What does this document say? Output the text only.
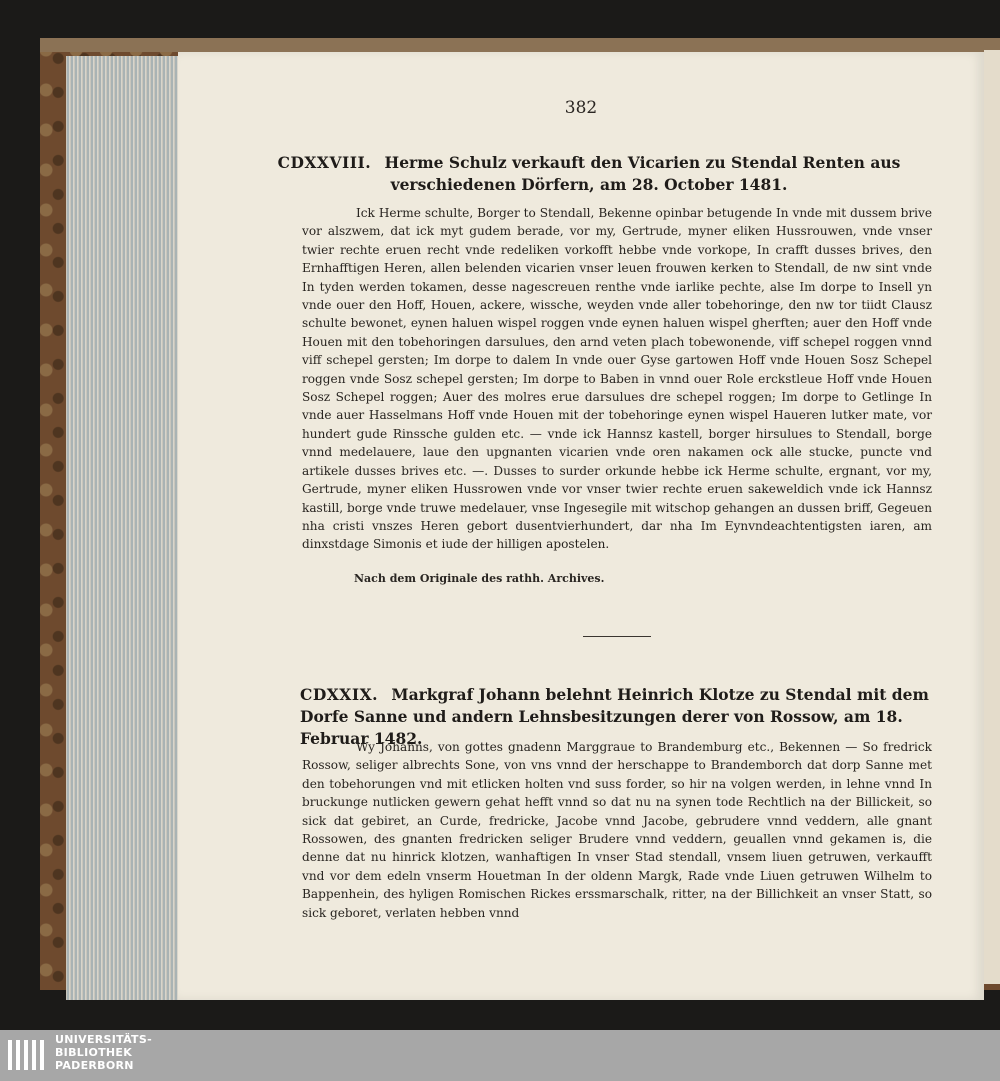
382
CDXXVIII. Herme Schulz verkauft den Vicarien zu Stendal Renten aus verschiedenen Dörfern, am 28. October 1481.

Ick Herme schulte, Borger to Stendall, Bekenne opinbar betugende In vnde mit dussem brive vor alszwem, dat ick myt gudem berade, vor my, Gertrude, myner eliken Hussrouwen, vnde vnser twier rechte eruen recht vnde redeliken vorkofft hebbe vnde vorkope, In crafft dusses brives, den Ernhafftigen Heren, allen belenden vicarien vnser leuen frouwen kerken to Stendall, de nw sint vnde In tyden werden tokamen, desse nagescreuen renthe vnde iarlike pechte, alse Im dorpe to Insell yn vnde ouer den Hoff, Houen, ackere, wissche, weyden vnde aller tobehoringe, den nw tor tiidt Clausz schulte bewonet, eynen haluen wispel roggen vnde eynen haluen wispel gherften; auer den Hoff vnde Houen mit den tobehoringen darsulues, den arnd veten plach tobewonende, viff schepel roggen vnnd viff schepel gersten; Im dorpe to dalem In vnde ouer Gyse gartowen Hoff vnde Houen Sosz Schepel roggen vnde Sosz schepel gersten; Im dorpe to Baben in vnnd ouer Role erckstleue Hoff vnde Houen Sosz Schepel roggen; Auer des molres erue darsulues dre schepel roggen; Im dorpe to Getlinge In vnde auer Hasselmans Hoff vnde Houen mit der tobehoringe eynen wispel Haueren lutker mate, vor hundert gude Rinssche gulden etc. — vnde ick Hannsz kastell, borger hirsulues to Stendall, borge vnnd medelauere, laue den upgnanten vicarien vnde oren nakamen ock alle stucke, puncte vnd artikele dusses brives etc. —. Dusses to surder orkunde hebbe ick Herme schulte, ergnant, vor my, Gertrude, myner eliken Hussrowen vnde vor vnser twier rechte eruen sakeweldich vnde ick Hannsz kastill, borge vnde truwe medelauer, vnse Ingesegile mit witschop gehangen an dussen briff, Gegeuen nha cristi vnszes Heren gebort dusentvierhundert, dar nha Im Eynvndeachtentigsten iaren, am dinxstdage Simonis et iude der hilligen apostelen.

Nach dem Originale des rathh. Archives.
CDXXIX. Markgraf Johann belehnt Heinrich Klotze zu Stendal mit dem Dorfe Sanne und andern Lehnsbesitzungen derer von Rossow, am 18. Februar 1482.

Wy Johanns, von gottes gnadenn Marggraue to Brandemburg etc., Bekennen — So fredrick Rossow, seliger albrechts Sone, von vns vnnd der herschappe to Brandemborch dat dorp Sanne met den tobehorungen vnd mit etlicken holten vnd suss forder, so hir na volgen werden, in lehne vnnd In bruckunge nutlicken gewern gehat hefft vnnd so dat nu na synen tode Rechtlich na der Billickeit, so sick dat gebiret, an Curde, fredricke, Jacobe vnnd Jacobe, gebrudere vnnd veddern, alle gnant Rossowen, des gnanten fredricken seliger Brudere vnnd veddern, geuallen vnnd gekamen is, die denne dat nu hinrick klotzen, wanhaftigen In vnser Stad stendall, vnsem liuen getruwen, verkaufft vnd vor dem edeln vnserm Houetman In der oldenn Margk, Rade vnde Liuen getruwen Wilhelm to Bappenhein, des hyligen Romischen Rickes erssmarschalk, ritter, na der Billichkeit an vnser Statt, so sick geboret, verlaten hebben vnnd

UNIVERSITÄTS-
BIBLIOTHEK
PADERBORN
